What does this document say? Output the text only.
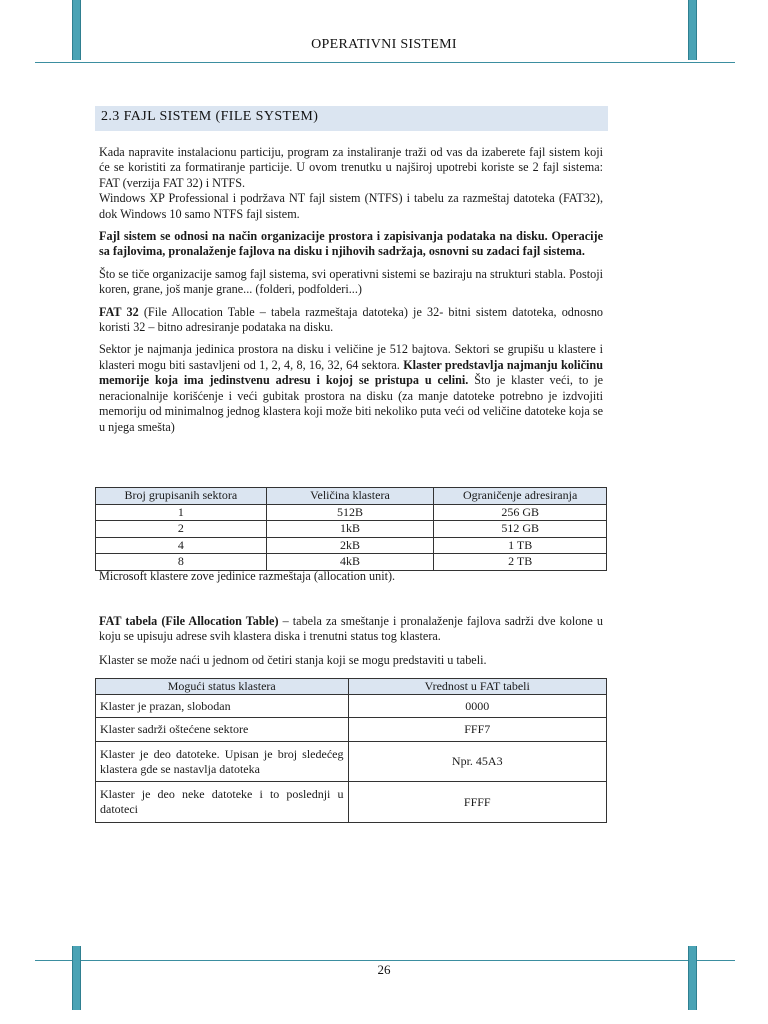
OPERATIVNI SISTEMI
2.3 FAJL SISTEM (FILE SYSTEM)

Kada napravite instalacionu particiju, program za instaliranje traži od vas da izaberete fajl sistem koji će se koristiti za formatiranje particije. U ovom trenutku u najširoj upotrebi koriste se 2 fajl sistema: FAT (verzija FAT 32) i NTFS.

Windows XP Professional i podržava NT fajl sistem (NTFS) i tabelu za razmeštaj datoteka (FAT32), dok Windows 10 samo NTFS fajl sistem.

Fajl sistem se odnosi na način organizacije prostora i zapisivanja podataka na disku. Operacije sa fajlovima, pronalaženje fajlova na disku i njihovih sadržaja, osnovni su zadaci fajl sistema.

Što se tiče organizacije samog fajl sistema, svi operativni sistemi se baziraju na strukturi stabla. Postoji koren, grane, još manje grane... (folderi, podfolderi...)

FAT 32 (File Allocation Table – tabela razmeštaja datoteka) je 32- bitni sistem datoteka, odnosno koristi 32 – bitno adresiranje podataka na disku.

Sektor je najmanja jedinica prostora na disku i veličine je 512 bajtova. Sektori se grupišu u klastere i klasteri mogu biti sastavljeni od 1, 2, 4, 8, 16, 32, 64 sektora. Klaster predstavlja najmanju količinu memorije koja ima jedinstvenu adresu i kojoj se pristupa u celini. Što je klaster veći, to je neracionalnije korišćenje i veći gubitak prostora na disku (za manje datoteke potrebno je izdvojiti memoriju od minimalnog jednog klastera koji može biti nekoliko puta veći od veličine datoteke koja se u njega smešta)

Broj grupisanih sektora	Veličina klastera	Ograničenje adresiranja
1	512B	256 GB
2	1kB	512 GB
4	2kB	1 TB
8	4kB	2 TB
Microsoft klastere zove jedinice razmeštaja (allocation unit).

FAT tabela (File Allocation Table) – tabela za smeštanje i pronalaženje fajlova sadrži dve kolone u koju se upisuju adrese svih klastera diska i trenutni status tog klastera.

Klaster se može naći u jednom od četiri stanja koji se mogu predstaviti u tabeli.

Mogući status klastera	Vrednost u FAT tabeli
Klaster je prazan, slobodan	0000
Klaster sadrži oštećene sektore	FFF7
Klaster je deo datoteke. Upisan je broj sledećeg klastera gde se nastavlja datoteka	Npr. 45A3
Klaster je deo neke datoteke i to poslednji u datoteci	FFFF
26
